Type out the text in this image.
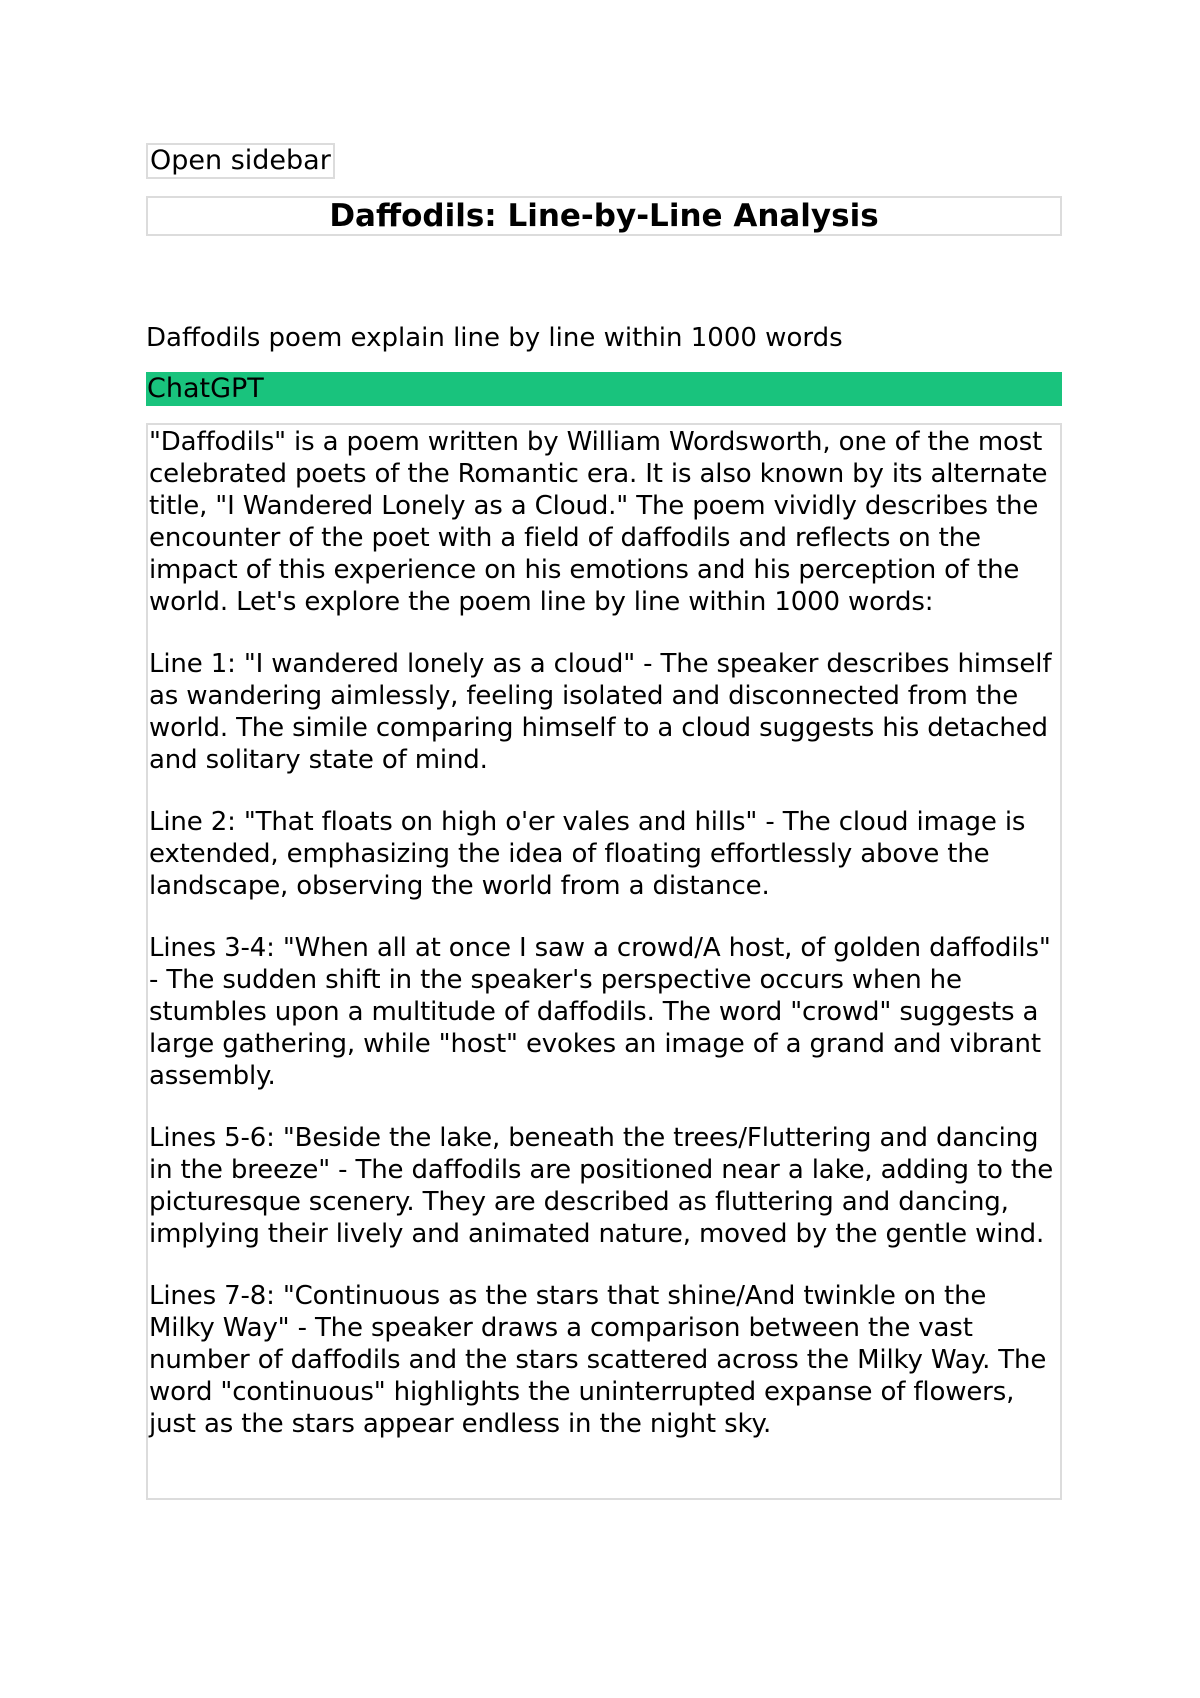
Open sidebar
Daffodils: Line-by-Line Analysis
Daffodils poem explain line by line within 1000 words
ChatGPT

"Daffodils" is a poem written by William Wordsworth, one of the most celebrated poets of the Romantic era. It is also known by its alternate title, "I Wandered Lonely as a Cloud." The poem vividly describes the encounter of the poet with a field of daffodils and reflects on the impact of this experience on his emotions and his perception of the world. Let's explore the poem line by line within 1000 words:

Line 1: "I wandered lonely as a cloud" - The speaker describes himself as wandering aimlessly, feeling isolated and disconnected from the world. The simile comparing himself to a cloud suggests his detached and solitary state of mind.

Line 2: "That floats on high o'er vales and hills" - The cloud image is extended, emphasizing the idea of floating effortlessly above the landscape, observing the world from a distance.

Lines 3-4: "When all at once I saw a crowd/A host, of golden daffodils" - The sudden shift in the speaker's perspective occurs when he stumbles upon a multitude of daffodils. The word "crowd" suggests a large gathering, while "host" evokes an image of a grand and vibrant assembly.

Lines 5-6: "Beside the lake, beneath the trees/Fluttering and dancing in the breeze" - The daffodils are positioned near a lake, adding to the picturesque scenery. They are described as fluttering and dancing, implying their lively and animated nature, moved by the gentle wind.

Lines 7-8: "Continuous as the stars that shine/And twinkle on the Milky Way" - The speaker draws a comparison between the vast number of daffodils and the stars scattered across the Milky Way. The word "continuous" highlights the uninterrupted expanse of flowers, just as the stars appear endless in the night sky.
